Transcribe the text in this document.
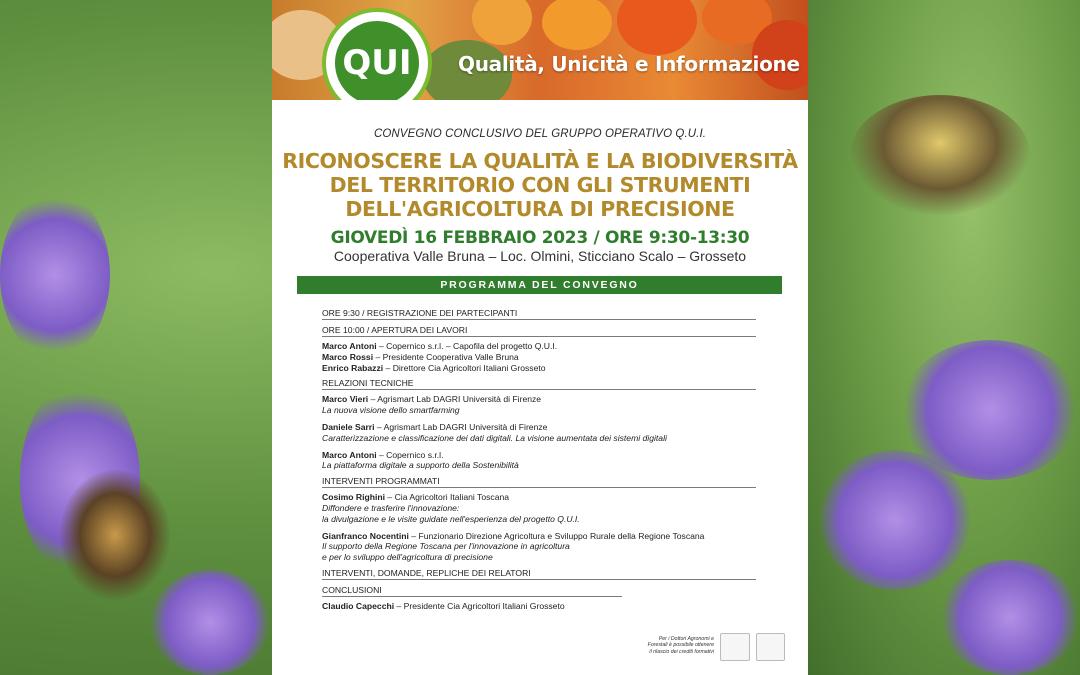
QUI	Qualità, Unicità e Informazione
CONVEGNO CONCLUSIVO DEL GRUPPO OPERATIVO Q.U.I.
RICONOSCERE LA QUALITÀ E LA BIODIVERSITÀ
DEL TERRITORIO CON GLI STRUMENTI
DELL'AGRICOLTURA DI PRECISIONE
GIOVEDÌ 16 FEBBRAIO 2023 / ORE 9:30-13:30
Cooperativa Valle Bruna – Loc. Olmini, Sticciano Scalo – Grosseto
PROGRAMMA DEL CONVEGNO
ORE 9:30 / REGISTRAZIONE DEI PARTECIPANTI
ORE 10:00 / APERTURA DEI LAVORI
Marco Antoni – Copernico s.r.l. – Capofila del progetto Q.U.I.
Marco Rossi – Presidente Cooperativa Valle Bruna
Enrico Rabazzi – Direttore Cia Agricoltori Italiani Grosseto
RELAZIONI TECNICHE
Marco Vieri – Agrismart Lab DAGRI Università di Firenze
La nuova visione dello smartfarming
Daniele Sarri – Agrismart Lab DAGRI Università di Firenze
Caratterizzazione e classificazione dei dati digitali. La visione aumentata dei sistemi digitali
Marco Antoni – Copernico s.r.l.
La piattaforma digitale a supporto della Sostenibilità
INTERVENTI PROGRAMMATI
Cosimo Righini – Cia Agricoltori Italiani Toscana
Diffondere e trasferire l'innovazione:
la divulgazione e le visite guidate nell'esperienza del progetto Q.U.I.
Gianfranco Nocentini – Funzionario Direzione Agricoltura e Sviluppo Rurale della Regione Toscana
Il supporto della Regione Toscana per l'innovazione in agricoltura
e per lo sviluppo dell'agricoltura di precisione
INTERVENTI, DOMANDE, REPLICHE DEI RELATORI
CONCLUSIONI
Claudio Capecchi – Presidente Cia Agricoltori Italiani Grosseto
Per i Dottori Agronomi e Forestali è possibile ottenere il rilascio dei crediti formativi
